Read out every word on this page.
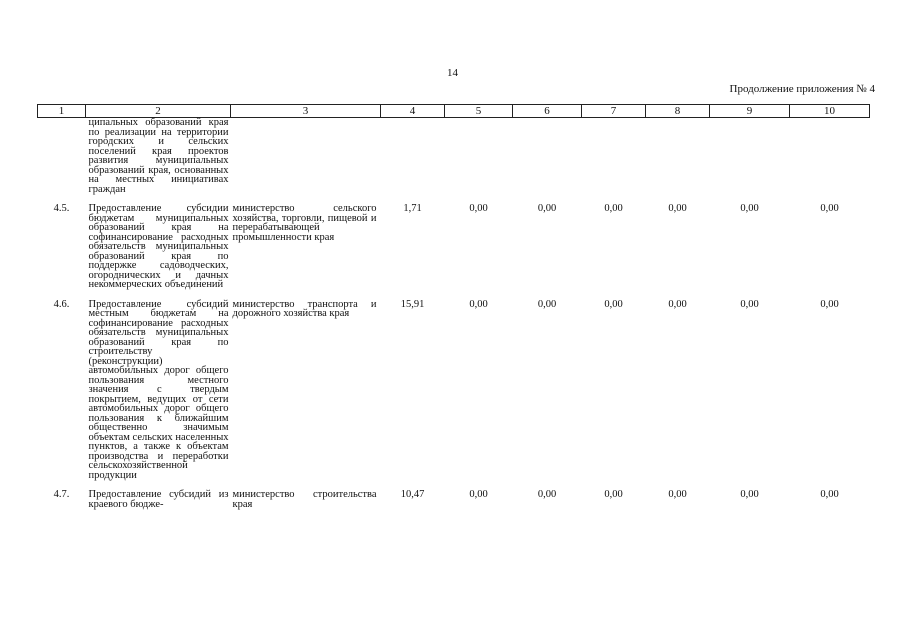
14
Продолжение приложения № 4
1	2	3	4	5	6	7	8	9	10
	ципальных образований края по реализации на территории городских и сельских поселений края проектов развития муниципальных образований края, основанных на местных инициативах граждан								

4.5.	Предоставление субсидии бюджетам муниципальных образований края на софинансирование расходных обязательств муниципальных образований края по поддержке садоводческих, огороднических и дачных некоммерческих объединений	министерство сельского хозяйства, торговли, пищевой и перерабатывающей промышленности края	1,71	0,00	0,00	0,00	0,00	0,00	0,00

4.6.	Предоставление субсидий местным бюджетам на софинансирование расходных обязательств муниципальных образований края по строительству (реконструкции) автомобильных дорог общего пользования местного значения с твердым покрытием, ведущих от сети автомобильных дорог общего пользования к ближайшим общественно значимым объектам сельских населенных пунктов, а также к объектам производства и переработки сельскохозяйственной продукции	министерство транспорта и дорожного хозяйства края	15,91	0,00	0,00	0,00	0,00	0,00	0,00

4.7.	Предоставление субсидий из краевого бюдже-	министерство строительства края	10,47	0,00	0,00	0,00	0,00	0,00	0,00
